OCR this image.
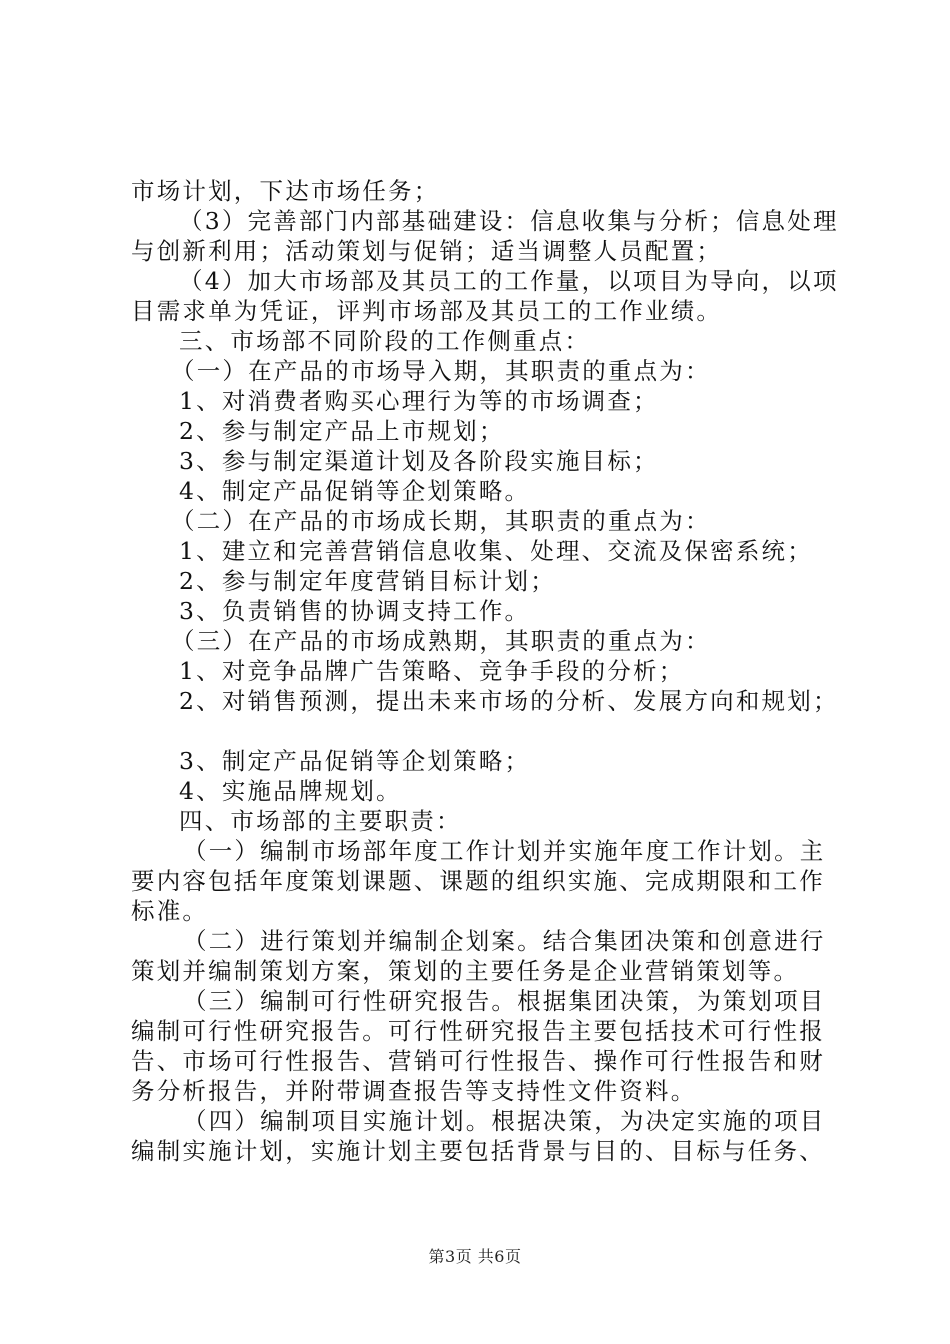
市场计划，下达市场任务；
（3）完善部门内部基础建设：信息收集与分析；信息处理
与创新利用；活动策划与促销；适当调整人员配置；
（4）加大市场部及其员工的工作量，以项目为导向，以项
目需求单为凭证，评判市场部及其员工的工作业绩。
三、市场部不同阶段的工作侧重点：
（一）在产品的市场导入期，其职责的重点为：
1、对消费者购买心理行为等的市场调查；
2、参与制定产品上市规划；
3、参与制定渠道计划及各阶段实施目标；
4、制定产品促销等企划策略。
（二）在产品的市场成长期，其职责的重点为：
1、建立和完善营销信息收集、处理、交流及保密系统；
2、参与制定年度营销目标计划；
3、负责销售的协调支持工作。
（三）在产品的市场成熟期，其职责的重点为：
1、对竞争品牌广告策略、竞争手段的分析；
2、对销售预测，提出未来市场的分析、发展方向和规划；
3、制定产品促销等企划策略；
4、实施品牌规划。
四、市场部的主要职责：
（一）编制市场部年度工作计划并实施年度工作计划。主
要内容包括年度策划课题、课题的组织实施、完成期限和工作
标准。
（二）进行策划并编制企划案。结合集团决策和创意进行
策划并编制策划方案，策划的主要任务是企业营销策划等。
（三）编制可行性研究报告。根据集团决策，为策划项目
编制可行性研究报告。可行性研究报告主要包括技术可行性报
告、市场可行性报告、营销可行性报告、操作可行性报告和财
务分析报告，并附带调查报告等支持性文件资料。
（四）编制项目实施计划。根据决策，为决定实施的项目
编制实施计划，实施计划主要包括背景与目的、目标与任务、
第3页 共6页
